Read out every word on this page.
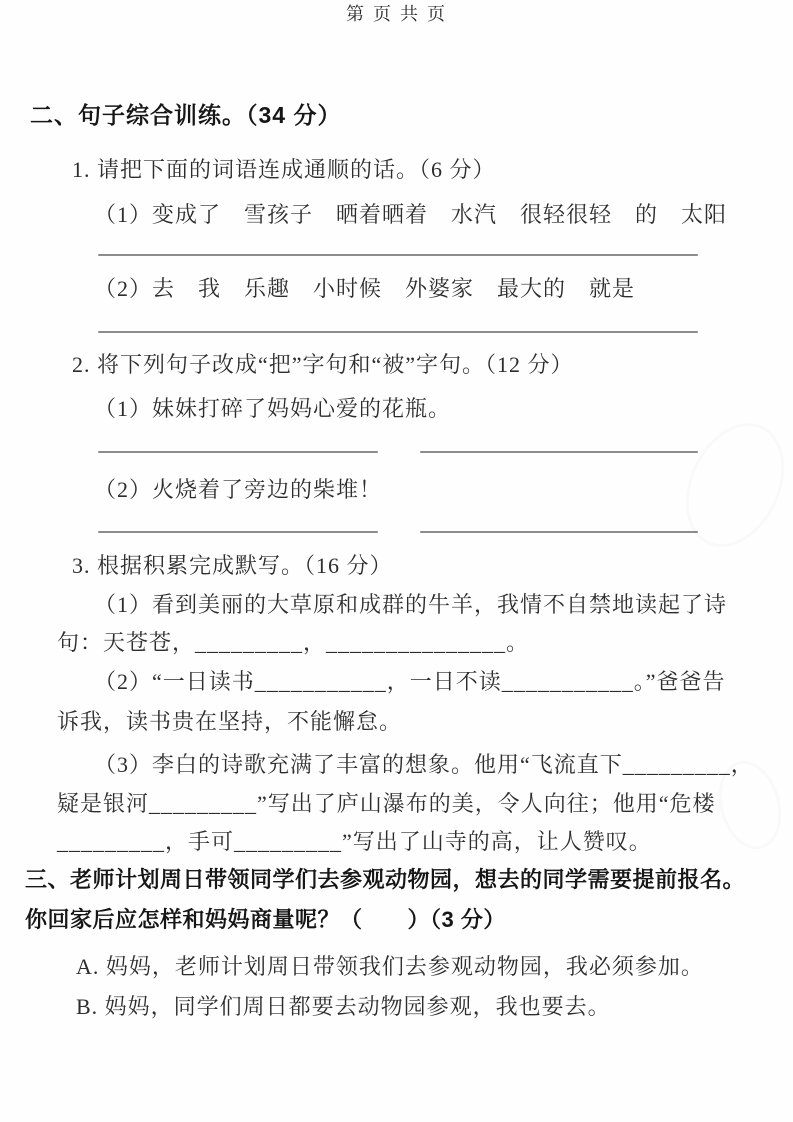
二、句子综合训练。（34 分）
1. 请把下面的词语连成通顺的话。（6 分）
（1）变成了　雪孩子　晒着晒着　水汽　很轻很轻　的　太阳
（2）去　我　乐趣　小时候　外婆家　最大的　就是
2. 将下列句子改成“把”字句和“被”字句。（12 分）
（1）妹妹打碎了妈妈心爱的花瓶。
（2）火烧着了旁边的柴堆！
3. 根据积累完成默写。（16 分）
（1）看到美丽的大草原和成群的牛羊，我情不自禁地读起了诗
句：天苍苍，_________，_______________。
（2）“一日读书___________，一日不读___________。”爸爸告
诉我，读书贵在坚持，不能懈怠。
（3）李白的诗歌充满了丰富的想象。他用“飞流直下_________，
疑是银河_________”写出了庐山瀑布的美，令人向往；他用“危楼
_________，手可_________”写出了山寺的高，让人赞叹。
三、老师计划周日带领同学们去参观动物园，想去的同学需要提前报名。
你回家后应怎样和妈妈商量呢？（　　）（3 分）
A. 妈妈，老师计划周日带领我们去参观动物园，我必须参加。
B. 妈妈，同学们周日都要去动物园参观，我也要去。
第 页 共 页
